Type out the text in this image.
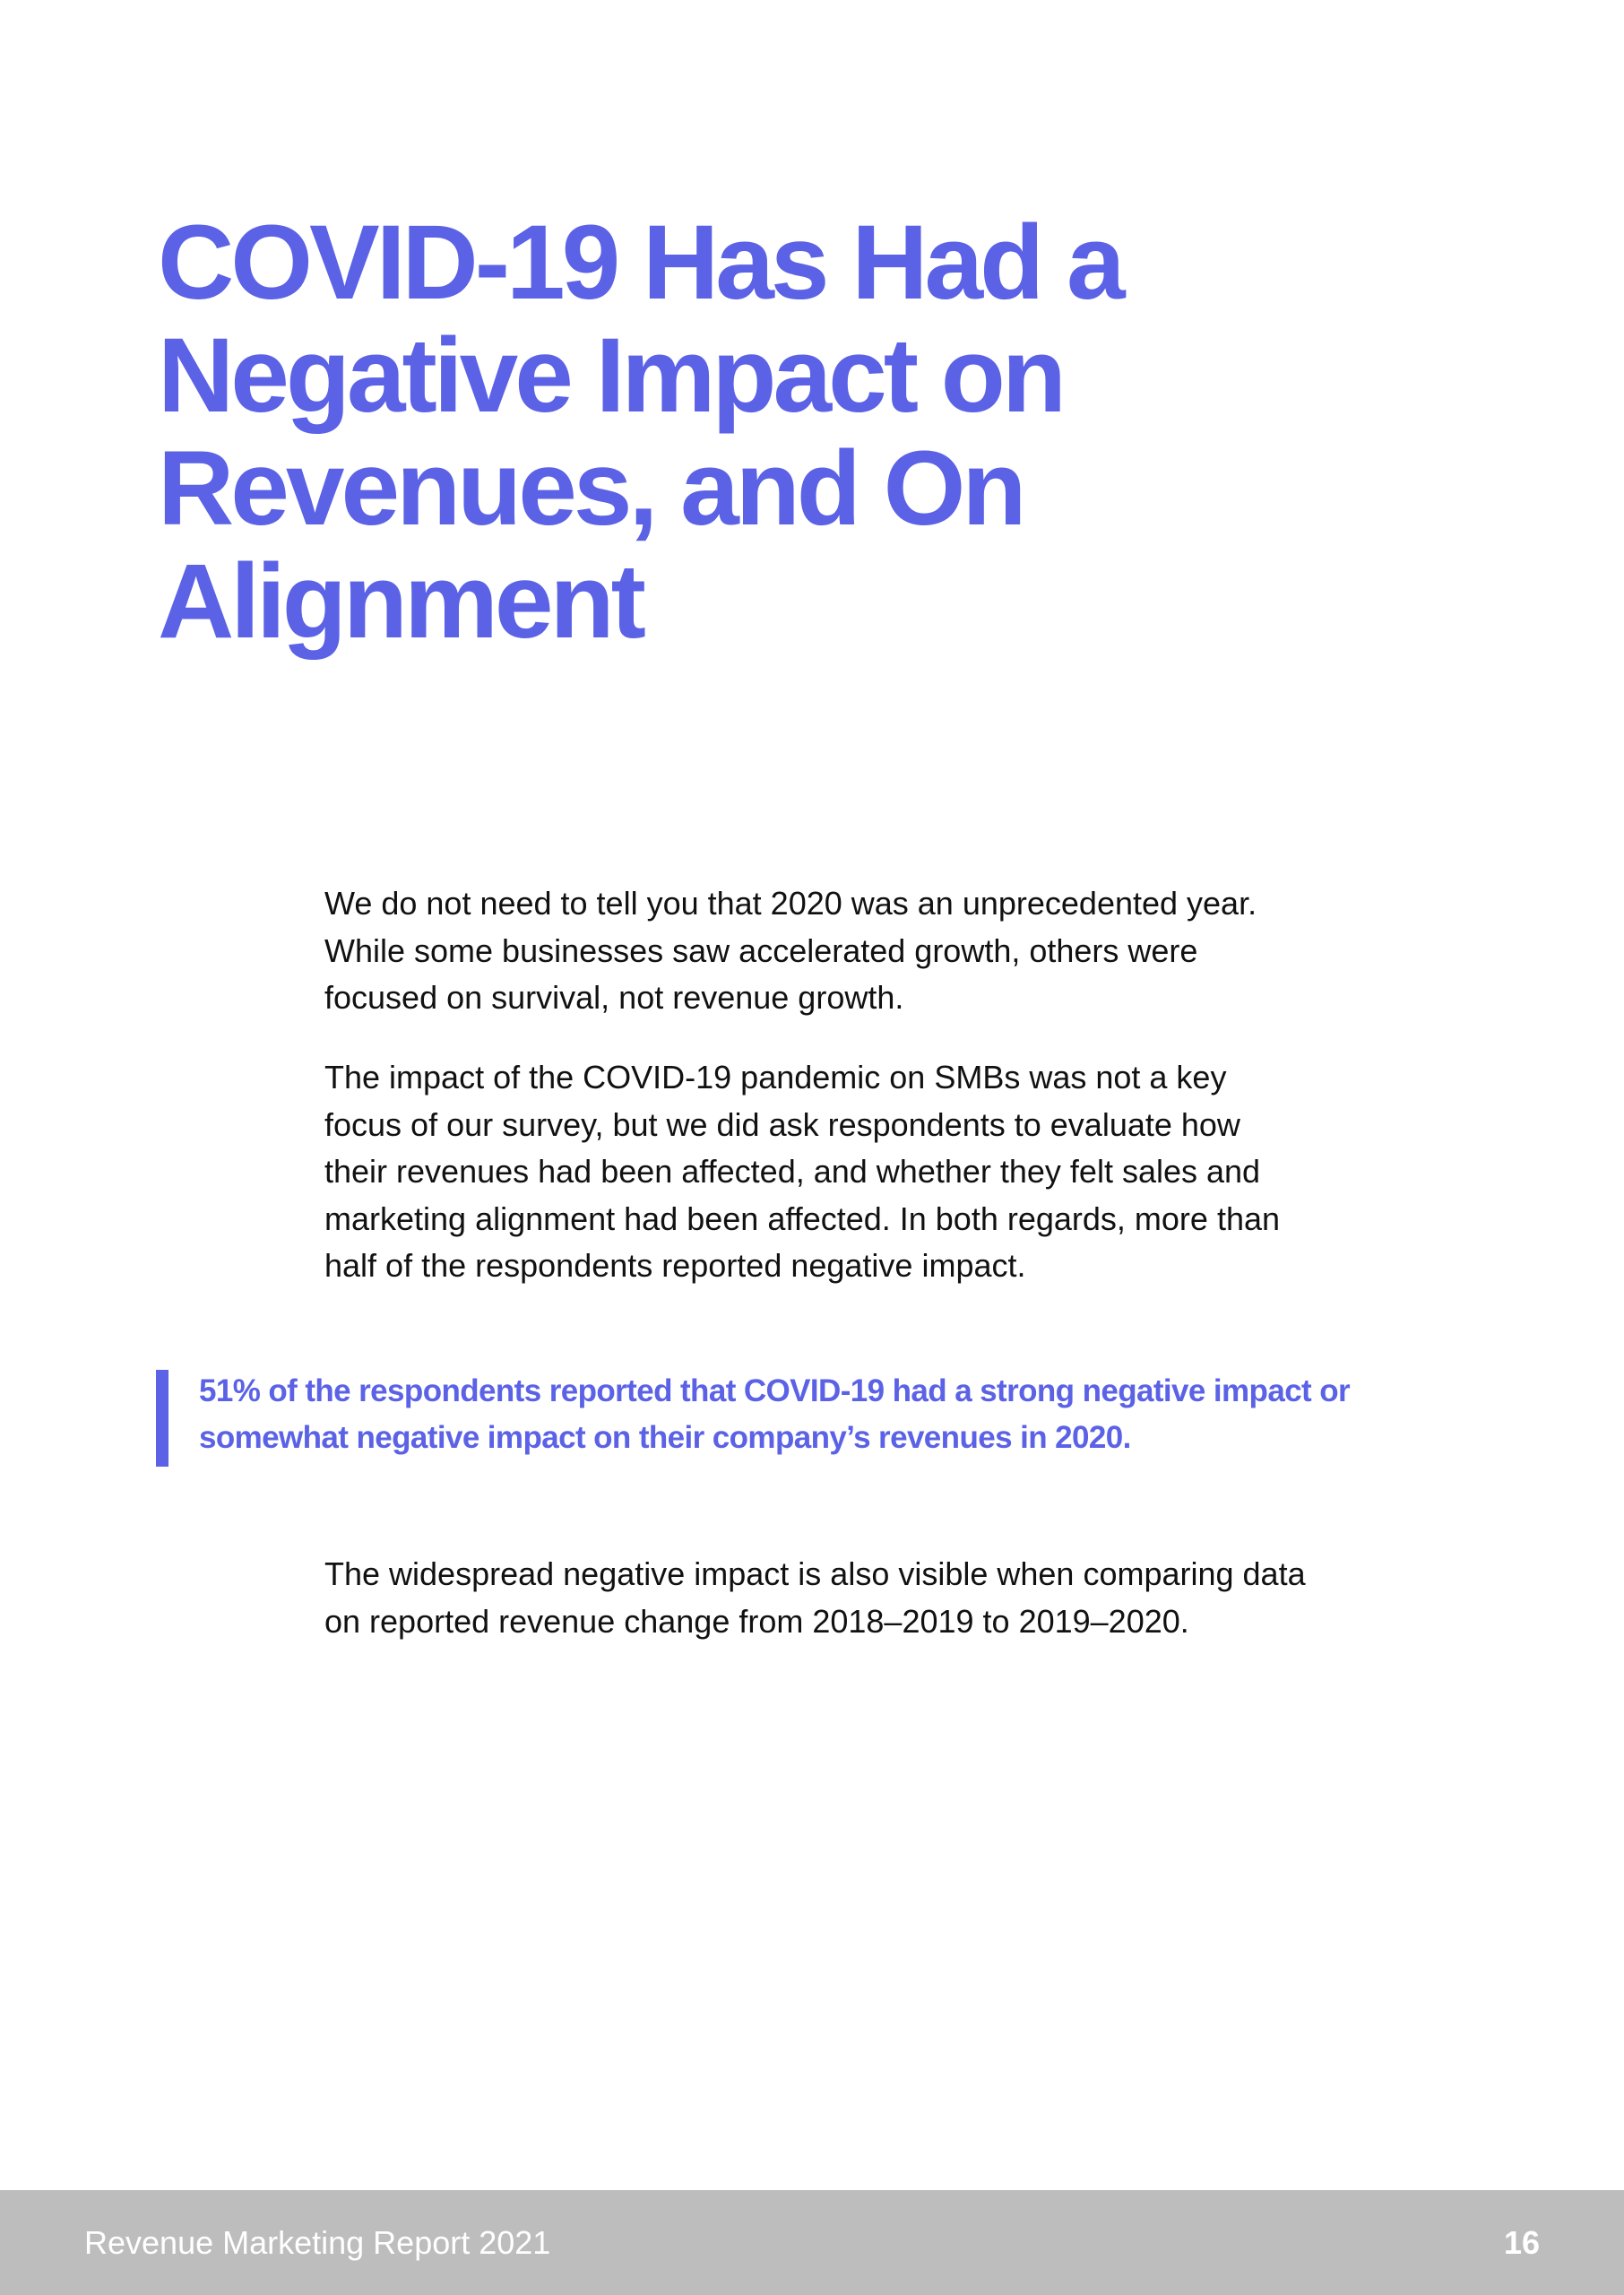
COVID-19 Has Had a Negative Impact on Revenues, and On Alignment

We do not need to tell you that 2020 was an unprecedented year. While some businesses saw accelerated growth, others were focused on survival, not revenue growth.

The impact of the COVID-19 pandemic on SMBs was not a key focus of our survey, but we did ask respondents to evaluate how their revenues had been affected, and whether they felt sales and marketing alignment had been affected. In both regards, more than half of the respondents reported negative impact.

51% of the respondents reported that COVID-19 had a strong negative impact or somewhat negative impact on their company’s revenues in 2020.

The widespread negative impact is also visible when comparing data on reported revenue change from 2018–2019 to 2019–2020.

Revenue Marketing Report 2021	16
